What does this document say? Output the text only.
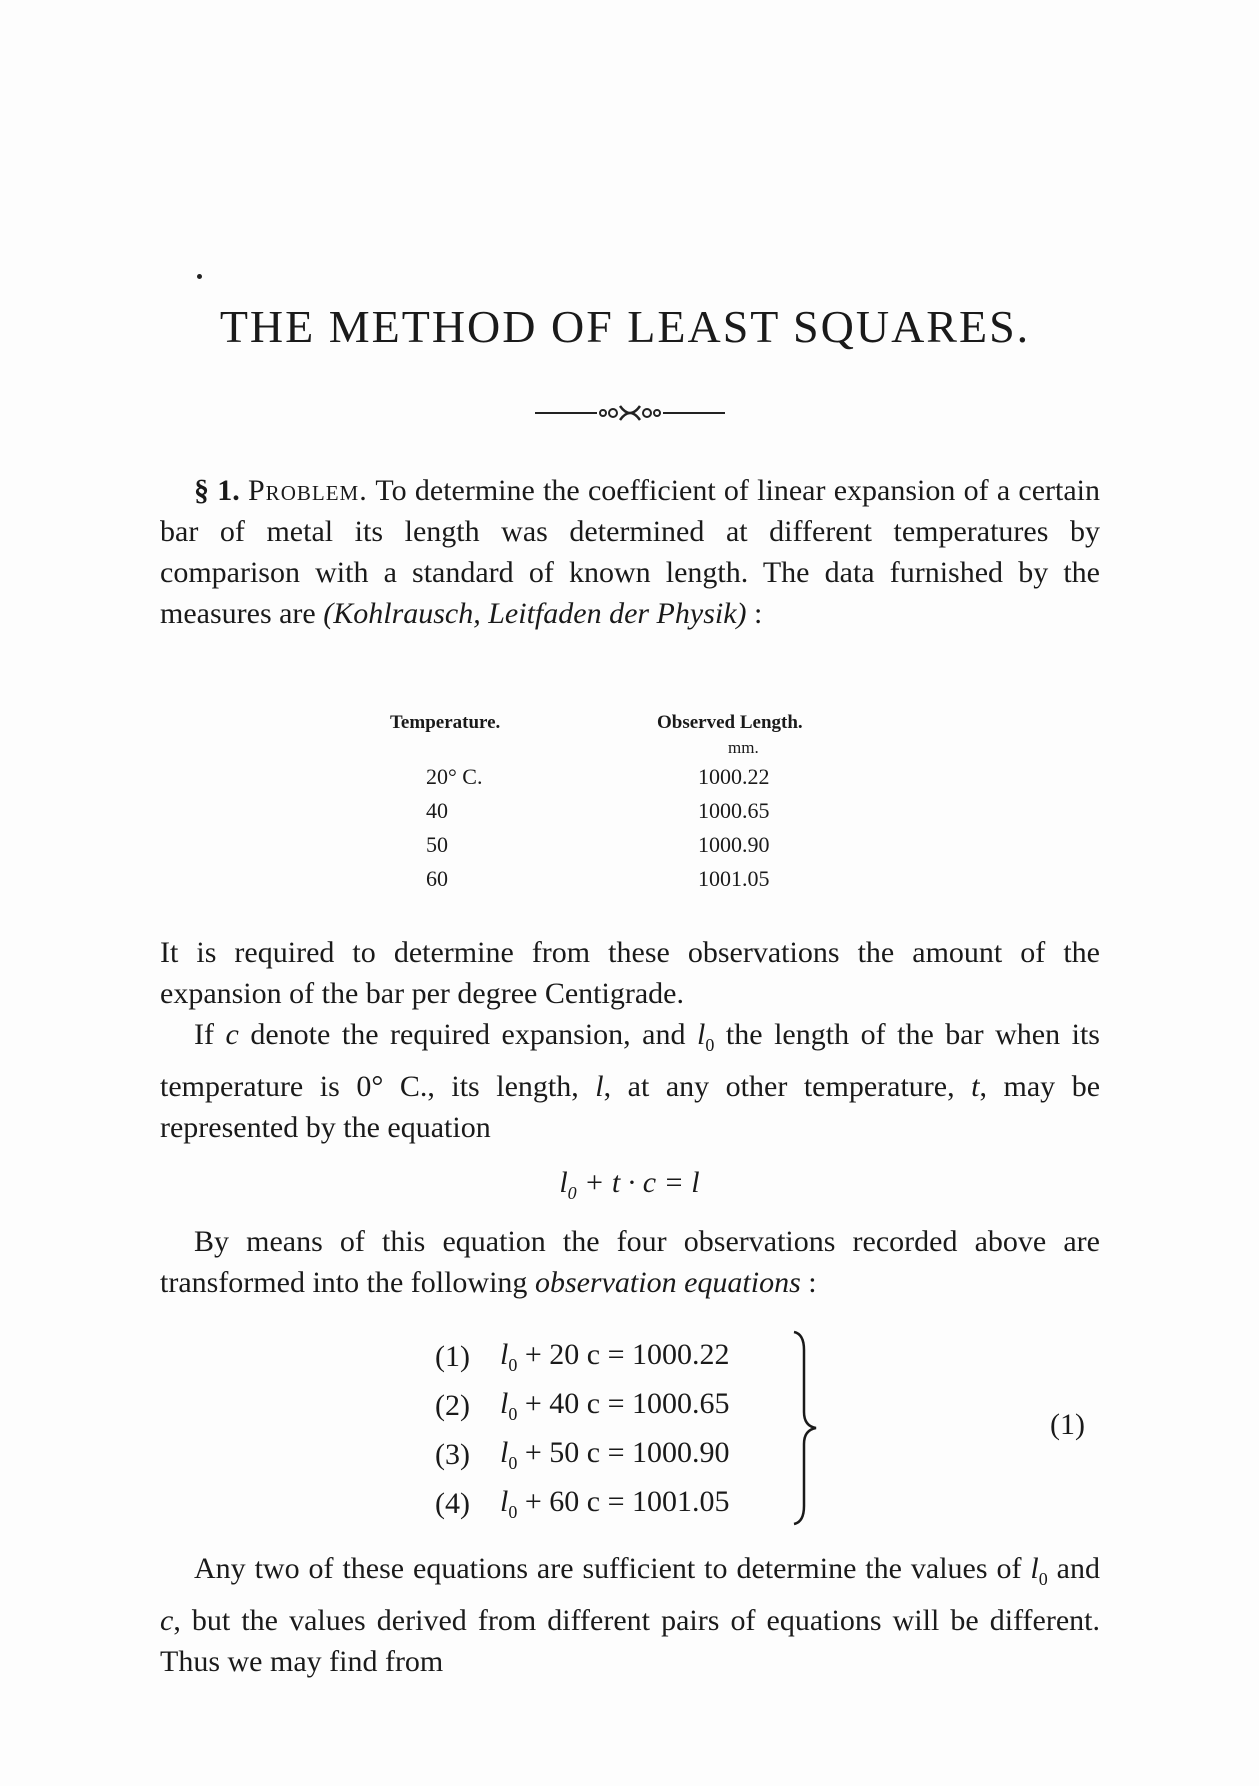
THE METHOD OF LEAST SQUARES.

§ 1. Problem. To determine the coefficient of linear expansion of a certain bar of metal its length was determined at different temperatures by comparison with a standard of known length. The data furnished by the measures are (Kohlrausch, Leitfaden der Physik) :

Temperature.	Observed Length.
mm.
20° C.	1000.22
40	1000.65
50	1000.90
60	1001.05

It is required to determine from these observations the amount of the expansion of the bar per degree Centigrade.

If c denote the required expansion, and $l_0$ the length of the bar when its temperature is 0° C., its length, l, at any other temperature, t, may be represented by the equation

$l_0 + t \cdot c = l$

By means of this equation the four observations recorded above are transformed into the following observation equations :

(1)	$l_0 + 20$ c = 1000.22
(2)	$l_0 + 40$ c = 1000.65
(3)	$l_0 + 50$ c = 1000.90
(4)	$l_0 + 60$ c = 1001.05
(1)

Any two of these equations are sufficient to determine the values of $l_0$ and c, but the values derived from different pairs of equations will be different. Thus we may find from
